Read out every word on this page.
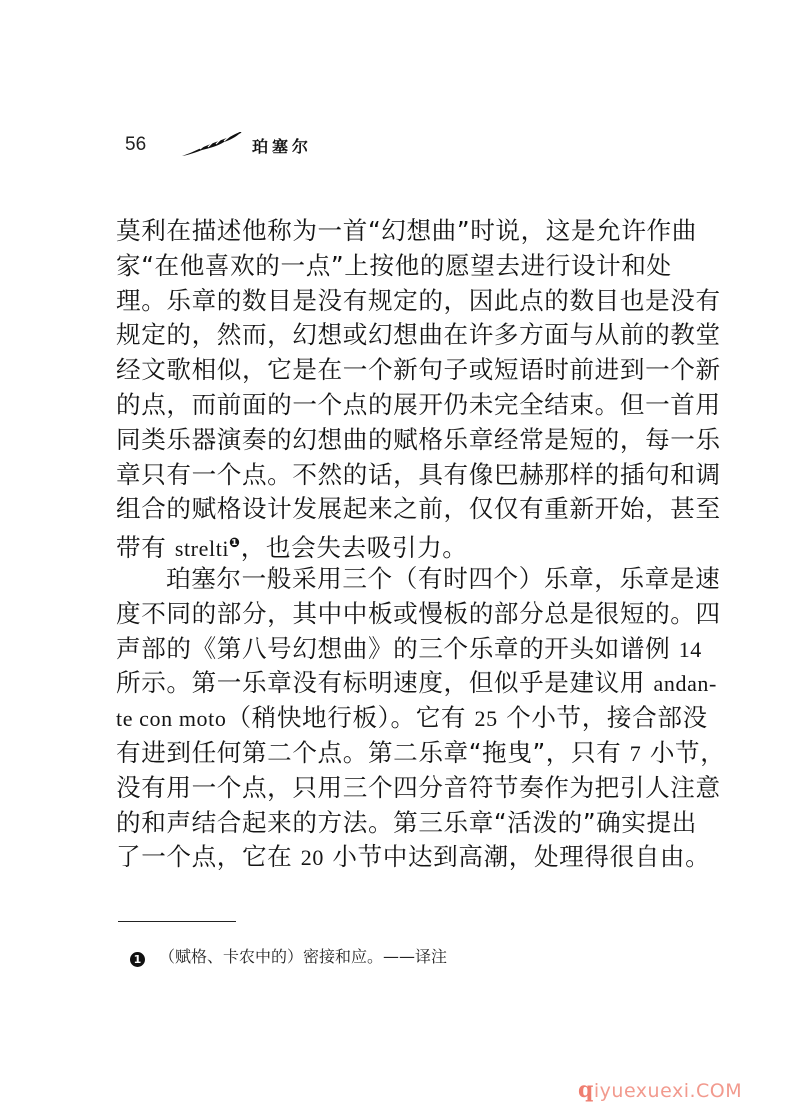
56	珀塞尔
莫利在描述他称为一首“幻想曲”时说，这是允许作曲
家“在他喜欢的一点”上按他的愿望去进行设计和处
理。乐章的数目是没有规定的，因此点的数目也是没有
规定的，然而，幻想或幻想曲在许多方面与从前的教堂
经文歌相似，它是在一个新句子或短语时前进到一个新
的点，而前面的一个点的展开仍未完全结束。但一首用
同类乐器演奏的幻想曲的赋格乐章经常是短的，每一乐
章只有一个点。不然的话，具有像巴赫那样的插句和调
组合的赋格设计发展起来之前，仅仅有重新开始，甚至
带有 strelti$^❶$，也会失去吸引力。
珀塞尔一般采用三个（有时四个）乐章，乐章是速
度不同的部分，其中中板或慢板的部分总是很短的。四
声部的《第八号幻想曲》的三个乐章的开头如谱例 14
所示。第一乐章没有标明速度，但似乎是建议用 andan-
te con moto（稍快地行板）。它有 25 个小节，接合部没
有进到任何第二个点。第二乐章“拖曳”，只有 7 小节，
没有用一个点，只用三个四分音符节奏作为把引人注意
的和声结合起来的方法。第三乐章“活泼的”确实提出
了一个点，它在 20 小节中达到高潮，处理得很自由。
1 （赋格、卡农中的）密接和应。——译注
qiyuexuexi.COM
